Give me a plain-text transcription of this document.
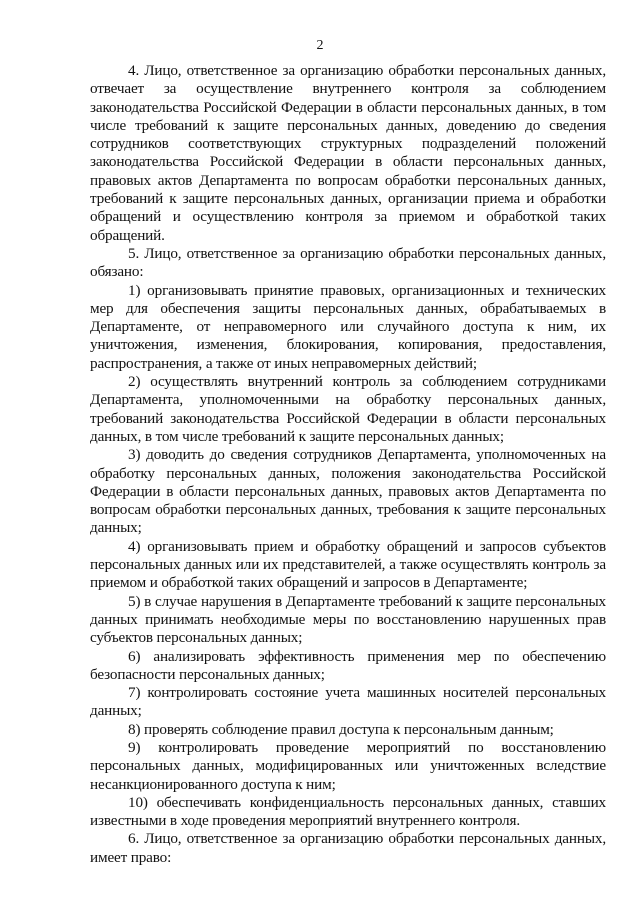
2

4. Лицо, ответственное за организацию обработки персональных данных, отвечает за осуществление внутреннего контроля за соблюдением законодательства Российской Федерации в области персональных данных, в том числе требований к защите персональных данных, доведению до сведения сотрудников соответствующих структурных подразделений положений законодательства Российской Федерации в области персональных данных, правовых актов Департамента по вопросам обработки персональных данных, требований к защите персональных данных, организации приема и обработки обращений и осуществлению контроля за приемом и обработкой таких обращений.

5. Лицо, ответственное за организацию обработки персональных данных, обязано:

1) организовывать принятие правовых, организационных и технических мер для обеспечения защиты персональных данных, обрабатываемых в Департаменте, от неправомерного или случайного доступа к ним, их уничтожения, изменения, блокирования, копирования, предоставления, распространения, а также от иных неправомерных действий;

2) осуществлять внутренний контроль за соблюдением сотрудниками Департамента, уполномоченными на обработку персональных данных, требований законодательства Российской Федерации в области персональных данных, в том числе требований к защите персональных данных;

3) доводить до сведения сотрудников Департамента, уполномоченных на обработку персональных данных, положения законодательства Российской Федерации в области персональных данных, правовых актов Департамента по вопросам обработки персональных данных, требования к защите персональных данных;

4) организовывать прием и обработку обращений и запросов субъектов персональных данных или их представителей, а также осуществлять контроль за приемом и обработкой таких обращений и запросов в Департаменте;

5) в случае нарушения в Департаменте требований к защите персональных данных принимать необходимые меры по восстановлению нарушенных прав субъектов персональных данных;

6) анализировать эффективность применения мер по обеспечению безопасности персональных данных;

7) контролировать состояние учета машинных носителей персональных данных;

8) проверять соблюдение правил доступа к персональным данным;

9) контролировать проведение мероприятий по восстановлению персональных данных, модифицированных или уничтоженных вследствие несанкционированного доступа к ним;

10) обеспечивать конфиденциальность персональных данных, ставших известными в ходе проведения мероприятий внутреннего контроля.

6. Лицо, ответственное за организацию обработки персональных данных, имеет право:
